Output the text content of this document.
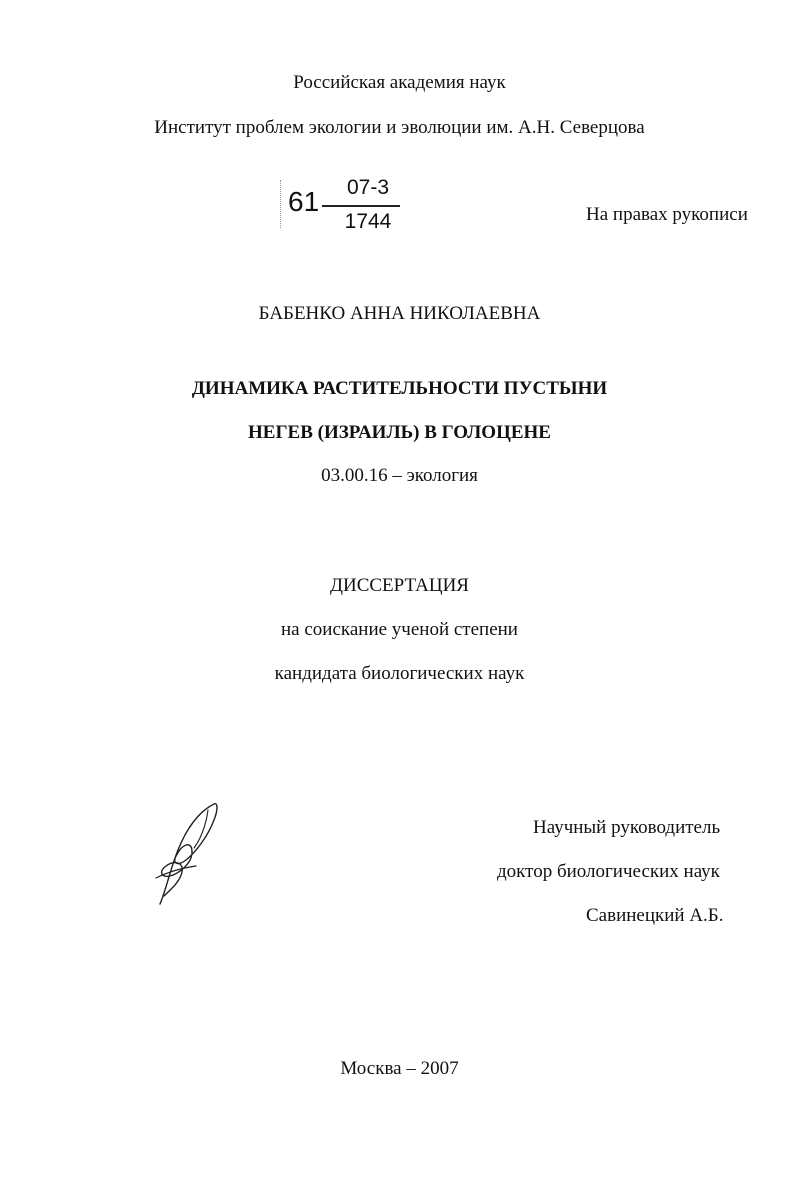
Российская академия наук
Институт проблем экологии и эволюции им. А.Н. Северцова
61	07-3
1744	На правах рукописи
БАБЕНКО АННА НИКОЛАЕВНА
ДИНАМИКА РАСТИТЕЛЬНОСТИ ПУСТЫНИ
НЕГЕВ (ИЗРАИЛЬ) В ГОЛОЦЕНЕ
03.00.16 – экология
ДИССЕРТАЦИЯ
на соискание ученой степени
кандидата биологических наук
Научный руководитель
доктор биологических наук
Савинецкий А.Б.
Москва – 2007
